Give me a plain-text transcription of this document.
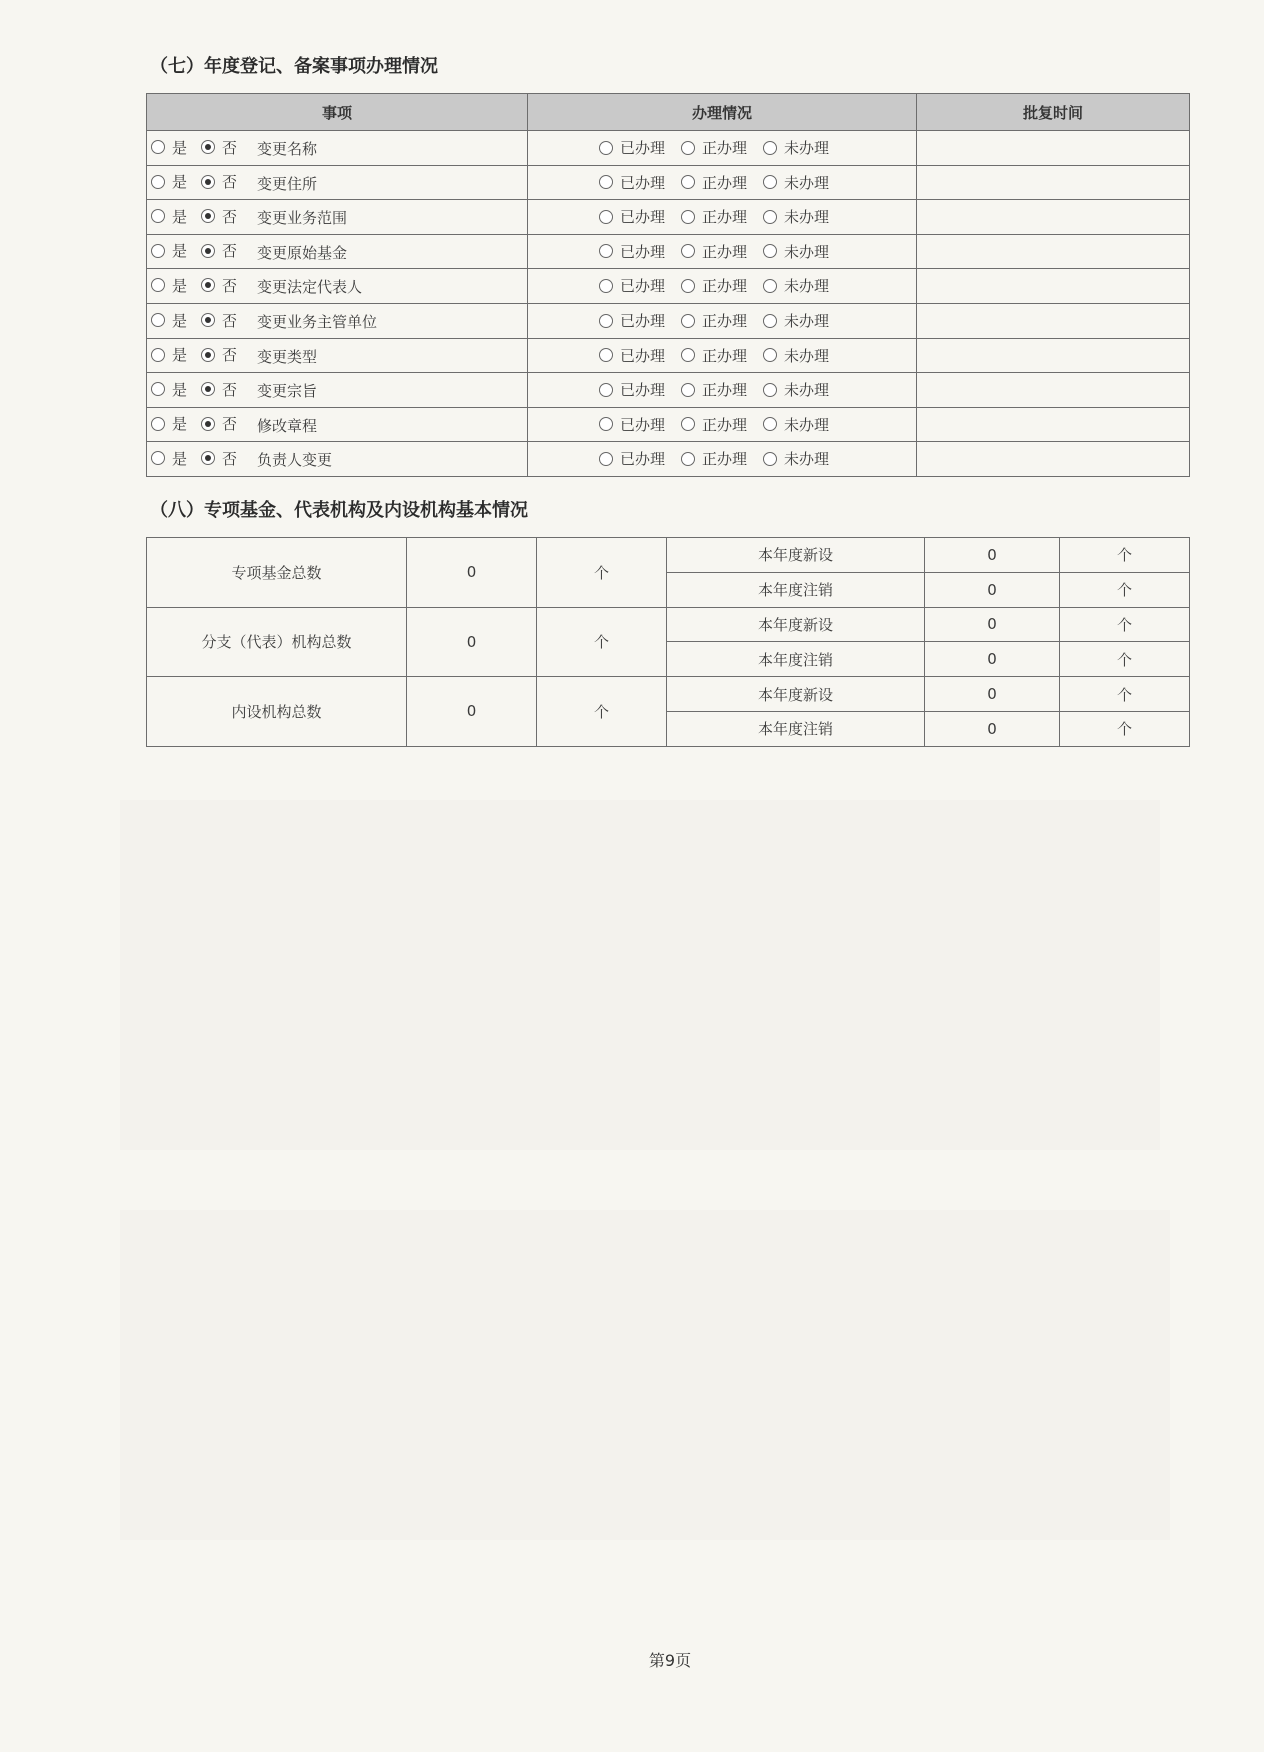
（七）年度登记、备案事项办理情况
事项	办理情况	批复时间

是 否 变更名称	已办理 正办理 未办理	

是 否 变更住所	已办理 正办理 未办理	

是 否 变更业务范围	已办理 正办理 未办理	

是 否 变更原始基金	已办理 正办理 未办理	

是 否 变更法定代表人	已办理 正办理 未办理	

是 否 变更业务主管单位	已办理 正办理 未办理	

是 否 变更类型	已办理 正办理 未办理	

是 否 变更宗旨	已办理 正办理 未办理	

是 否 修改章程	已办理 正办理 未办理	

是 否 负责人变更	已办理 正办理 未办理	

（八）专项基金、代表机构及内设机构基本情况
专项基金总数	0	个	本年度新设	0	个
			本年度注销	0	个
分支（代表）机构总数	0	个	本年度新设	0	个
			本年度注销	0	个
内设机构总数	0	个	本年度新设	0	个
			本年度注销	0	个
第9页
